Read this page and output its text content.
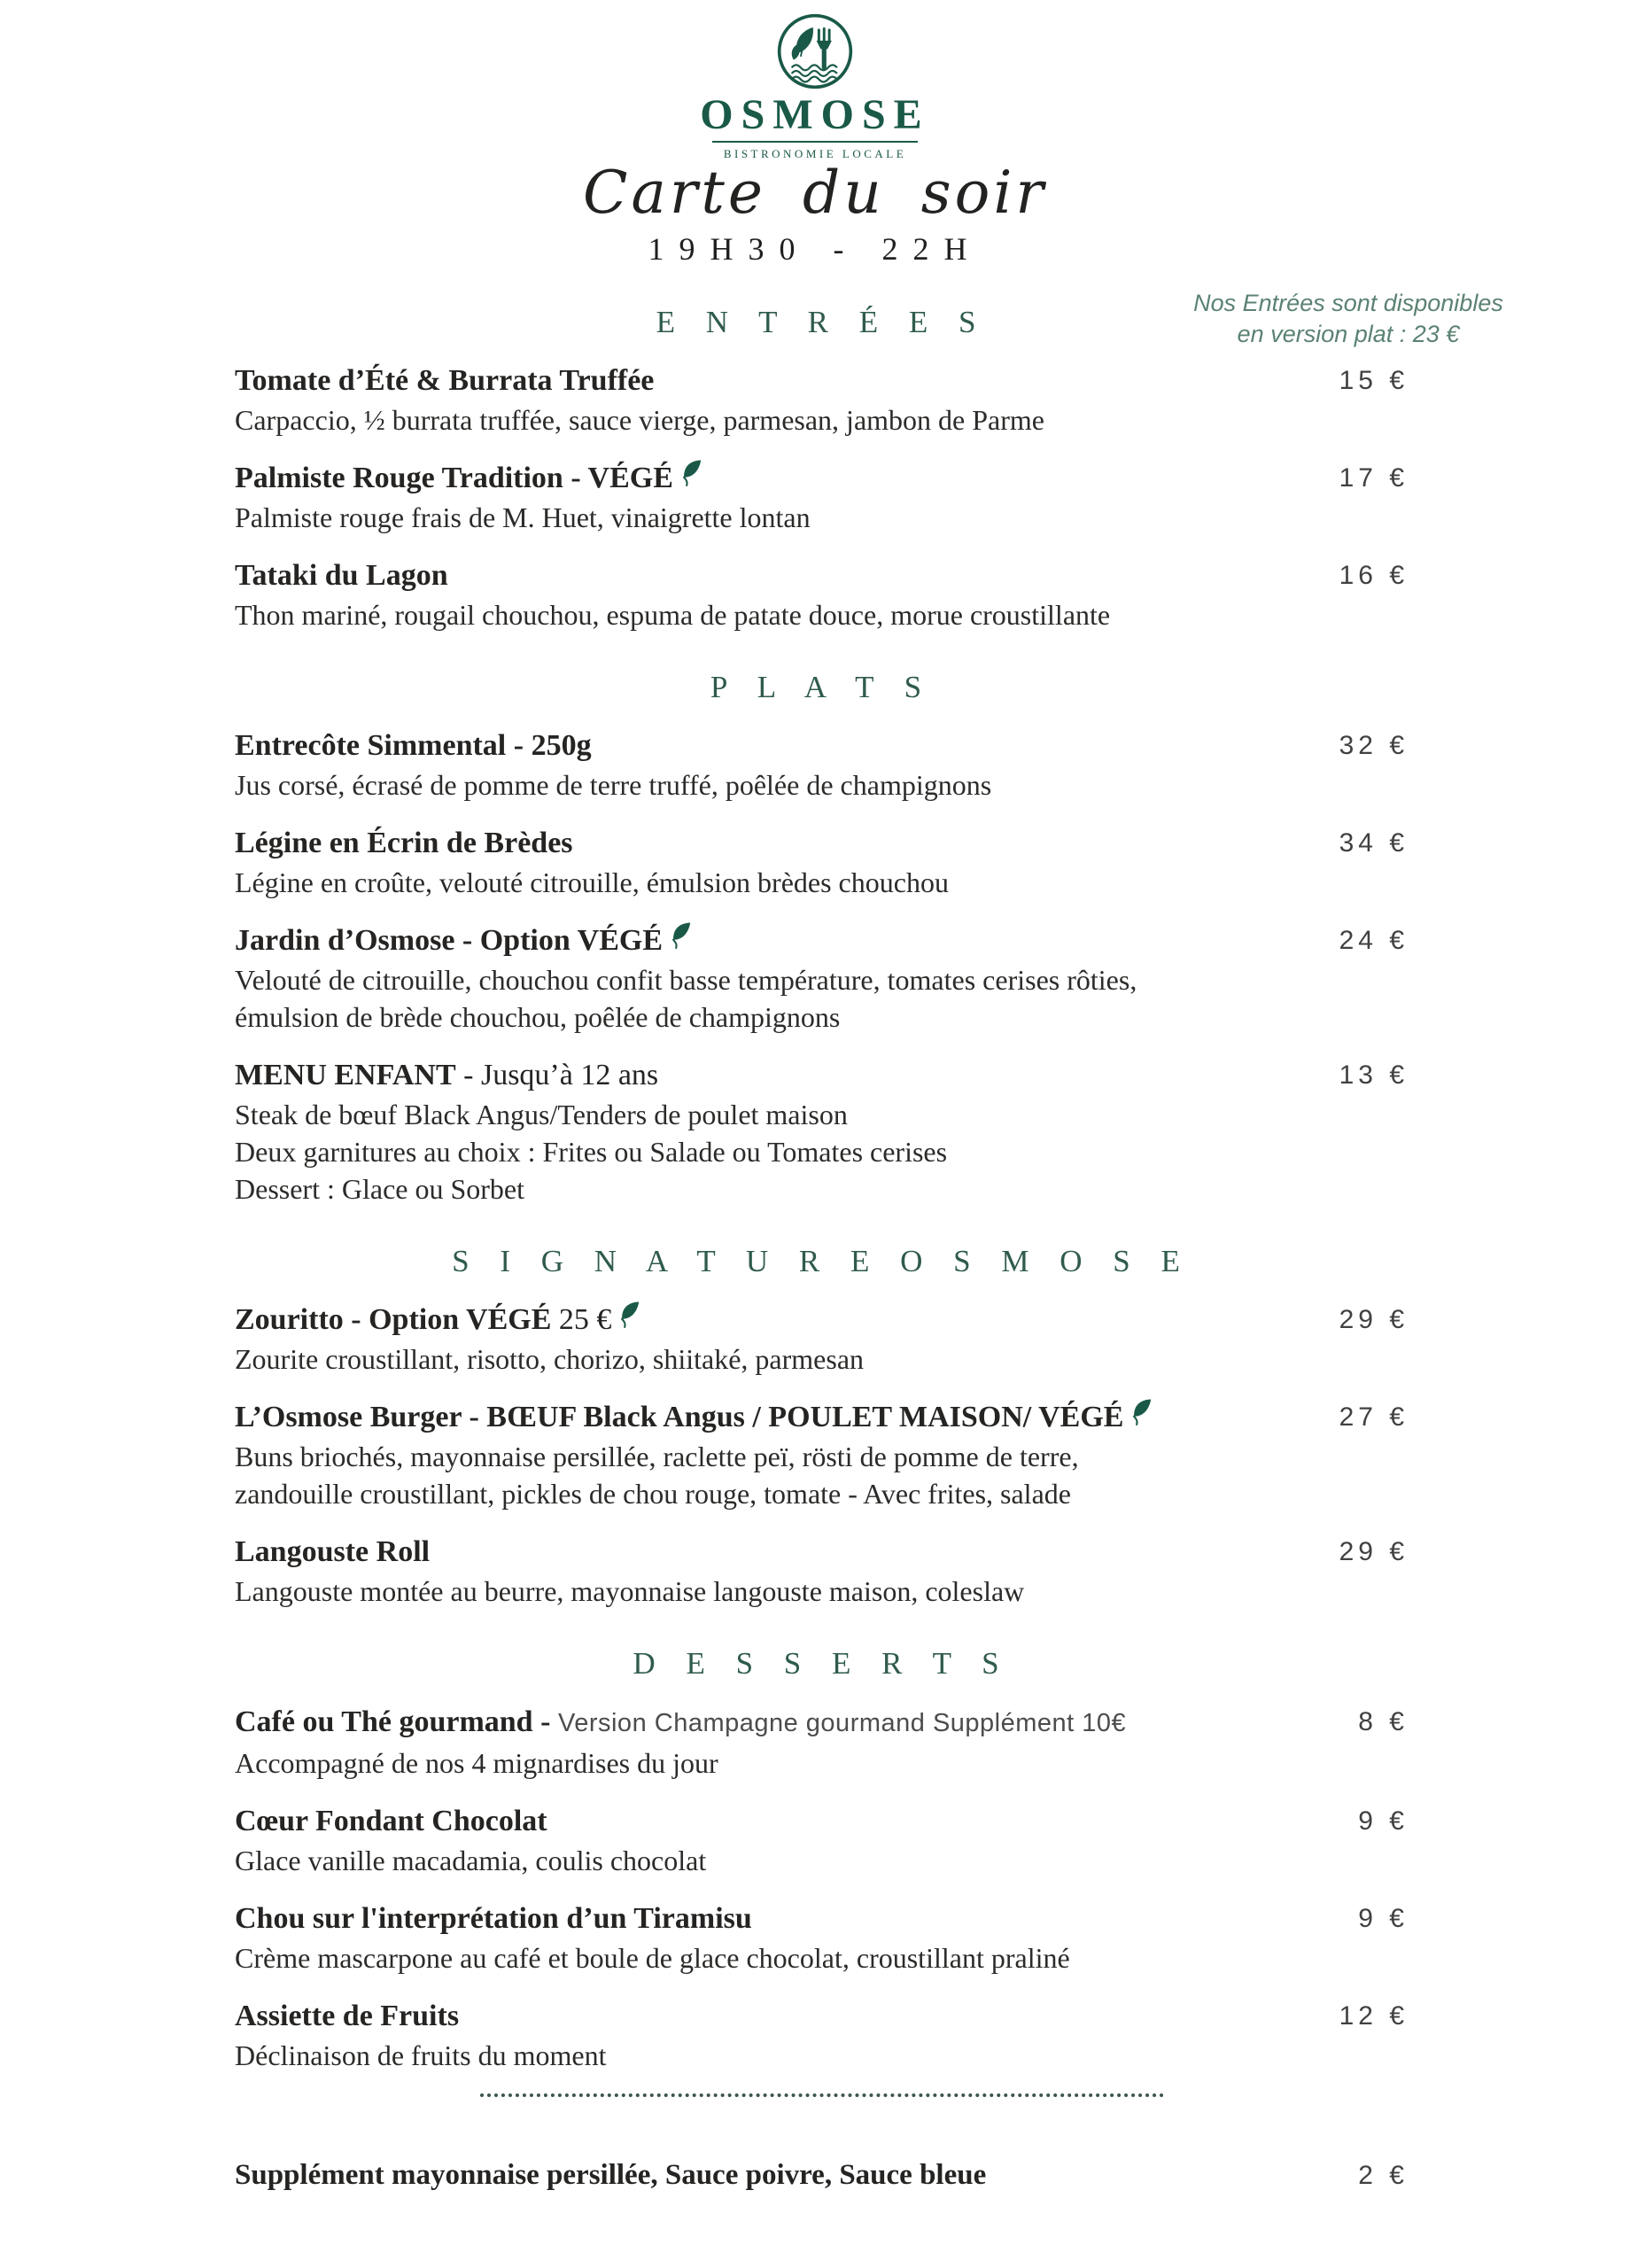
OSMOSE
BISTRONOMIE LOCALE
Carte du soir
19H30 - 22H
E N T R É E S
Nos Entrées sont disponibles
en version plat : 23 €
Tomate d’Été & Burrata Truffée
Carpaccio, ½ burrata truffée, sauce vierge, parmesan, jambon de Parme
15 €
Palmiste Rouge Tradition - VÉGÉ
Palmiste rouge frais de M. Huet, vinaigrette lontan
17 €
Tataki du Lagon
Thon mariné, rougail chouchou, espuma de patate douce, morue croustillante
16 €
P L A T S
Entrecôte Simmental - 250g
Jus corsé, écrasé de pomme de terre truffé, poêlée de champignons
32 €
Légine en Écrin de Brèdes
Légine en croûte, velouté citrouille, émulsion brèdes chouchou
34 €
Jardin d’Osmose - Option VÉGÉ
Velouté de citrouille, chouchou confit basse température, tomates cerises rôties,
émulsion de brède chouchou, poêlée de champignons
24 €
MENU ENFANT - Jusqu’à 12 ans
Steak de bœuf Black Angus/Tenders de poulet maison
Deux garnitures au choix : Frites ou Salade ou Tomates cerises
Dessert : Glace ou Sorbet
13 €
S I G N A T U R E O S M O S E
Zouritto - Option VÉGÉ 25 €
Zourite croustillant, risotto, chorizo, shiitaké, parmesan
29 €
L’Osmose Burger - BŒUF Black Angus / POULET MAISON/ VÉGÉ
Buns briochés, mayonnaise persillée, raclette peï, rösti de pomme de terre,
zandouille croustillant, pickles de chou rouge, tomate - Avec frites, salade
27 €
Langouste Roll
Langouste montée au beurre, mayonnaise langouste maison, coleslaw
29 €
D E S S E R T S
Café ou Thé gourmand - Version Champagne gourmand Supplément 10€
Accompagné de nos 4 mignardises du jour
8 €
Cœur Fondant Chocolat
Glace vanille macadamia, coulis chocolat
9 €
Chou sur l'interprétation d’un Tiramisu
Crème mascarpone au café et boule de glace chocolat, croustillant praliné
9 €
Assiette de Fruits
Déclinaison de fruits du moment
12 €
Supplément mayonnaise persillée, Sauce poivre, Sauce bleue	2 €
